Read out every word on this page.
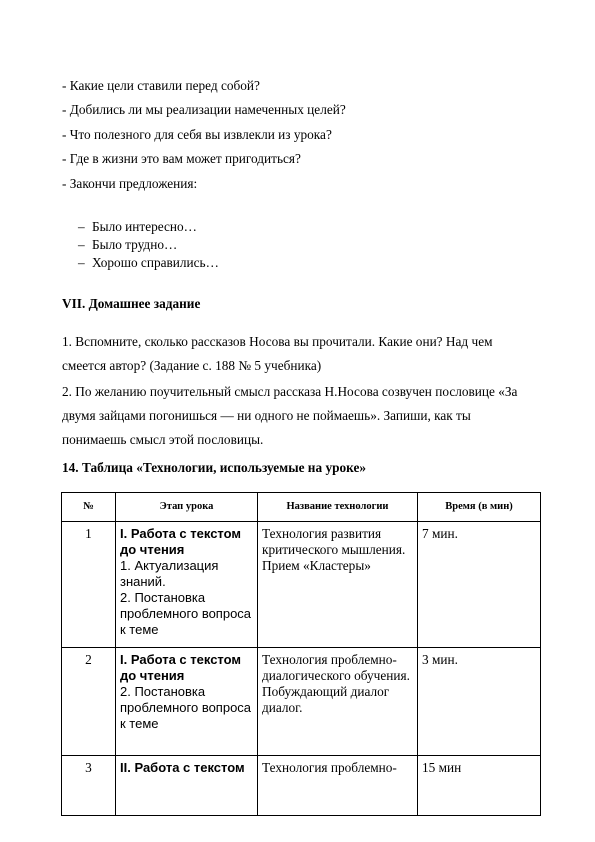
- Какие цели ставили перед собой?
- Добились ли мы реализации намеченных целей?
- Что полезного для себя вы извлекли из урока?
- Где в жизни это вам может пригодиться?
- Закончи предложения:
– Было интересно…
– Было трудно…
– Хорошо справились…
VII. Домашнее задание
1. Вспомните, сколько рассказов Носова вы прочитали. Какие они? Над чем смеется автор? (Задание с. 188 № 5 учебника)
2. По желанию поучительный смысл рассказа Н.Носова созвучен пословице «За двумя зайцами погонишься — ни одного не поймаешь». Запиши, как ты понимаешь смысл этой пословицы.
14. Таблица «Технологии, используемые на уроке»
№	Этап урока	Название технологии	Время (в мин)
1	I. Работа с текстом до чтения
1. Актуализация знаний.
2. Постановка проблемного вопроса к теме	Технология развития критического мышления. Прием «Кластеры»	7 мин.
2	I. Работа с текстом до чтения
2. Постановка проблемного вопроса к теме	Технология проблемно-диалогического обучения. Побуждающий диалог диалог.	3 мин.
3	II. Работа с текстом	Технология проблемно-	15 мин
